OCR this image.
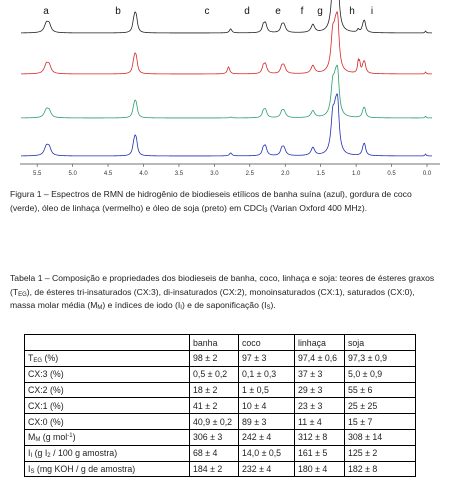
a	b	c	d	e f g	h i
5.5	5.0	4.5	4.0	3.5	3.0	2.5	2.0	1.5	1.0	0.5	0.0
Figura 1 – Espectros de RMN de hidrogênio de biodieseis etílicos de banha suína (azul), gordura de coco (verde), óleo de linhaça (vermelho) e óleo de soja (preto) em CDCl$_3$ (Varian Oxford 400 MHz).
Tabela 1 – Composição e propriedades dos biodieseis de banha, coco, linhaça e soja: teores de ésteres graxos $(T_{EG})$, de ésteres tri-insaturados (CX:3), di-insaturados (CX:2), monoinsaturados (CX:1), saturados (CX:0), massa molar média $(M_M)$ e índices de iodo $(I_I)$ e de saponificação $(I_S)$.
	banha	coco	linhaça	soja
$T_{EG}$ (%)	98 ± 2	97 ± 3	97,4 ± 0,6	97,3 ± 0,9
CX:3 (%)	0,5 ± 0,2	0,1 ± 0,3	37 ± 3	5,0 ± 0,9
CX:2 (%)	18 ± 2	1 ± 0,5	29 ± 3	55 ± 6
CX:1 (%)	41 ± 2	10 ± 4	23 ± 3	25 ± 25
CX:0 (%)	40,9 ± 0,2	89 ± 3	11 ± 4	15 ± 7
$M_M$ (g mol$^{-1}$)	306 ± 3	242 ± 4	312 ± 8	308 ± 14
$I_I$ (g $I_2 / 100$ g amostra)	68 ± 4	14,0 ± 0,5	161 ± 5	125 ± 2
$I_S$ (mg KOH / g de amostra)	184 ± 2	232 ± 4	180 ± 4	182 ± 8
